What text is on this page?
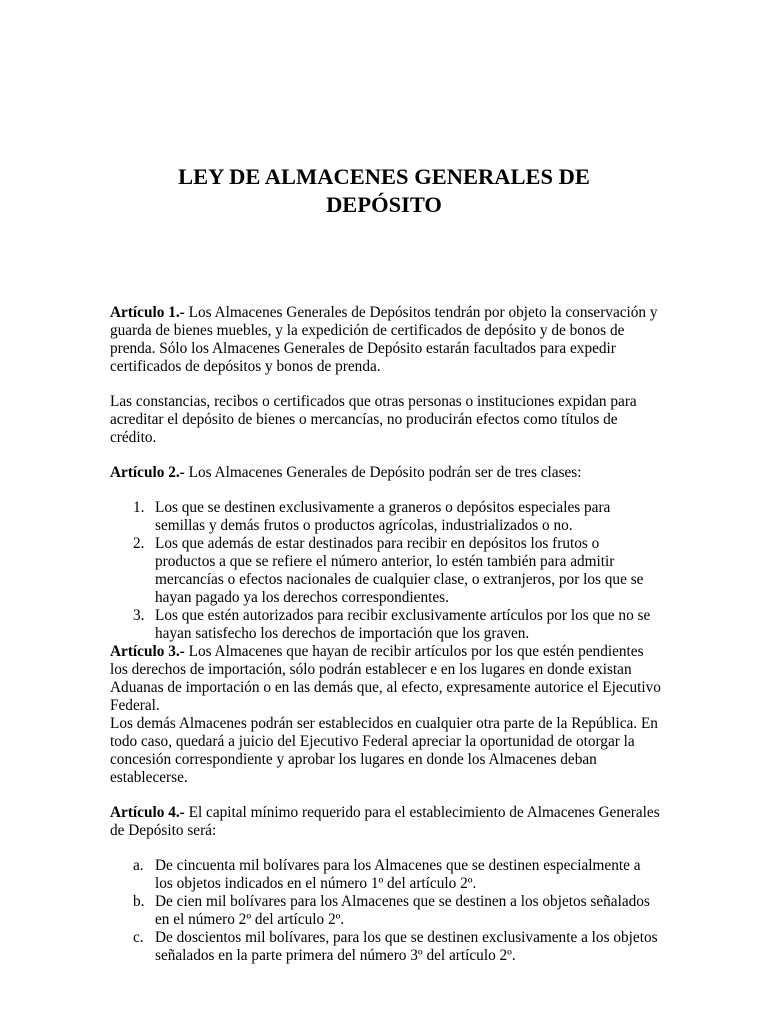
LEY DE ALMACENES GENERALES DE
DEPÓSITO

Artículo 1.- Los Almacenes Generales de Depósitos tendrán por objeto la conservación y guarda de bienes muebles, y la expedición de certificados de depósito y de bonos de prenda. Sólo los Almacenes Generales de Depósito estarán facultados para expedir certificados de depósitos y bonos de prenda.

Las constancias, recibos o certificados que otras personas o instituciones expidan para acreditar el depósito de bienes o mercancías, no producirán efectos como títulos de crédito.

Artículo 2.- Los Almacenes Generales de Depósito podrán ser de tres clases:

1. Los que se destinen exclusivamente a graneros o depósitos especiales para semillas y demás frutos o productos agrícolas, industrializados o no.
2. Los que además de estar destinados para recibir en depósitos los frutos o productos a que se refiere el número anterior, lo estén también para admitir mercancías o efectos nacionales de cualquier clase, o extranjeros, por los que se hayan pagado ya los derechos correspondientes.
3. Los que estén autorizados para recibir exclusivamente artículos por los que no se hayan satisfecho los derechos de importación que los graven.

Artículo 3.- Los Almacenes que hayan de recibir artículos por los que estén pendientes los derechos de importación, sólo podrán establecer e en los lugares en donde existan Aduanas de importación o en las demás que, al efecto, expresamente autorice el Ejecutivo Federal.

Los demás Almacenes podrán ser establecidos en cualquier otra parte de la República. En todo caso, quedará a juicio del Ejecutivo Federal apreciar la oportunidad de otorgar la concesión correspondiente y aprobar los lugares en donde los Almacenes deban establecerse.

Artículo 4.- El capital mínimo requerido para el establecimiento de Almacenes Generales de Depósito será:

a. De cincuenta mil bolívares para los Almacenes que se destinen especialmente a los objetos indicados en el número 1º del artículo 2º.
b. De cien mil bolívares para los Almacenes que se destinen a los objetos señalados en el número 2º del artículo 2º.
c. De doscientos mil bolívares, para los que se destinen exclusivamente a los objetos señalados en la parte primera del número 3º del artículo 2º.
